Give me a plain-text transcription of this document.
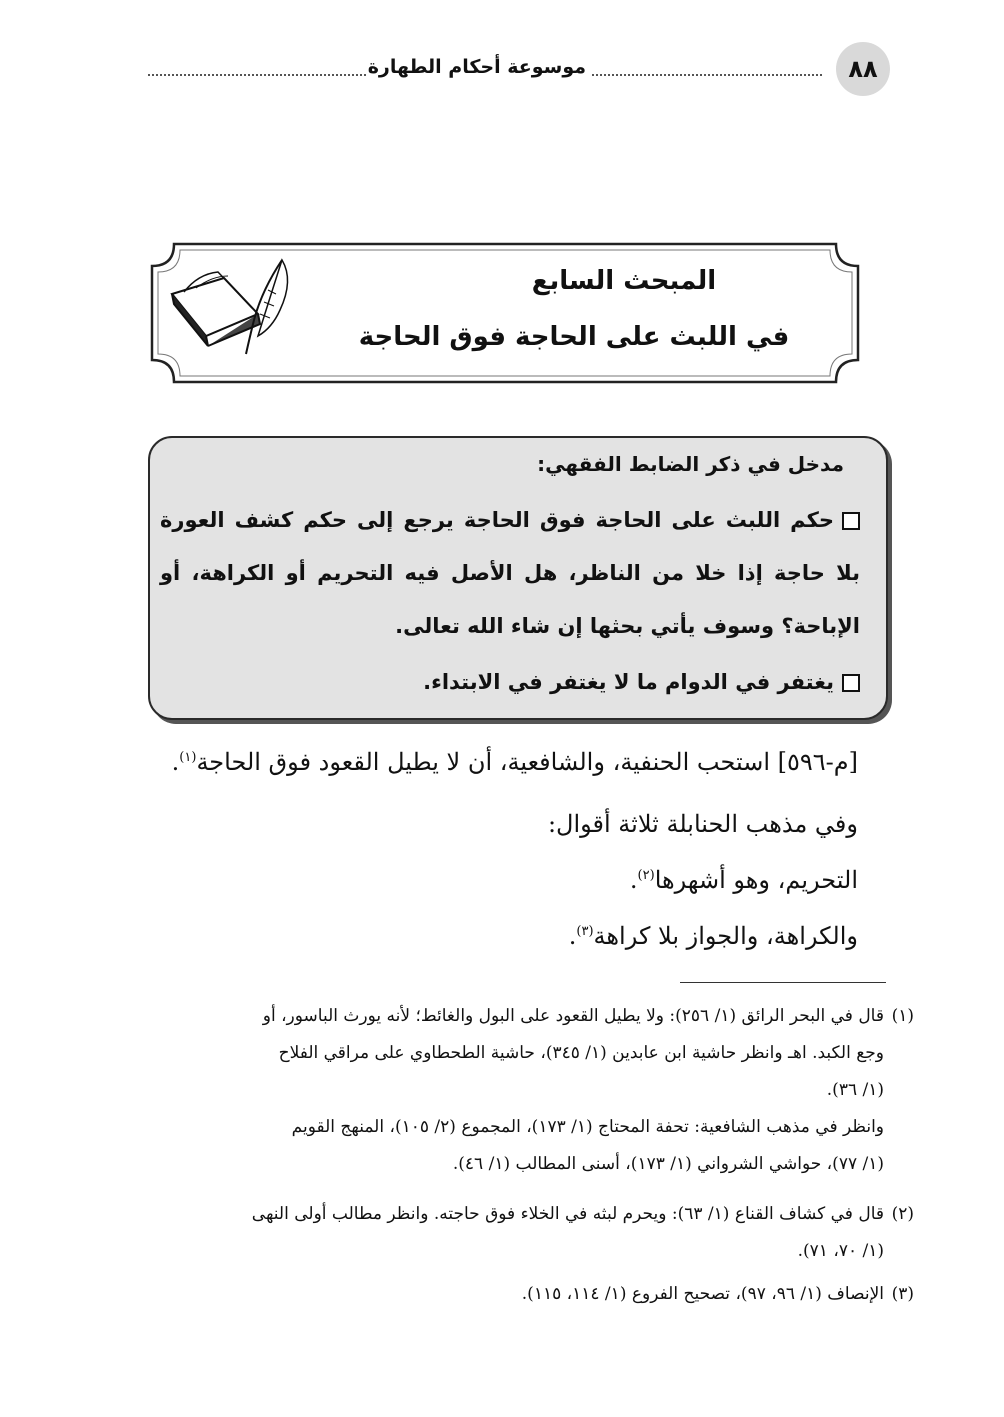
٨٨
موسوعة أحكام الطهارة
المبحث السابع
في اللبث على الحاجة فوق الحاجة
مدخل في ذكر الضابط الفقهي:
حكم اللبث على الحاجة فوق الحاجة يرجع إلى حكم كشف العورة بلا حاجة إذا خلا من الناظر، هل الأصل فيه التحريم أو الكراهة، أو الإباحة؟ وسوف يأتي بحثها إن شاء الله تعالى.
يغتفر في الدوام ما لا يغتفر في الابتداء.
[م-٥٩٦] استحب الحنفية، والشافعية، أن لا يطيل القعود فوق الحاجة$^{(١)}$.
وفي مذهب الحنابلة ثلاثة أقوال:
التحريم، وهو أشهرها$^{(٢)}$.
والكراهة، والجواز بلا كراهة$^{(٣)}$.
(١)
قال في البحر الرائق (١/ ٢٥٦): ولا يطيل القعود على البول والغائط؛ لأنه يورث الباسور، أو
وجع الكبد. اهـ وانظر حاشية ابن عابدين (١/ ٣٤٥)، حاشية الطحطاوي على مراقي الفلاح
(١/ ٣٦).
وانظر في مذهب الشافعية: تحفة المحتاج (١/ ١٧٣)، المجموع (٢/ ١٠٥)، المنهج القويم
(١/ ٧٧)، حواشي الشرواني (١/ ١٧٣)، أسنى المطالب (١/ ٤٦).
(٢)
قال في كشاف القناع (١/ ٦٣): ويحرم لبثه في الخلاء فوق حاجته. وانظر مطالب أولى النهى
(١/ ٧٠، ٧١).
(٣)
الإنصاف (١/ ٩٦، ٩٧)، تصحيح الفروع (١/ ١١٤، ١١٥).
